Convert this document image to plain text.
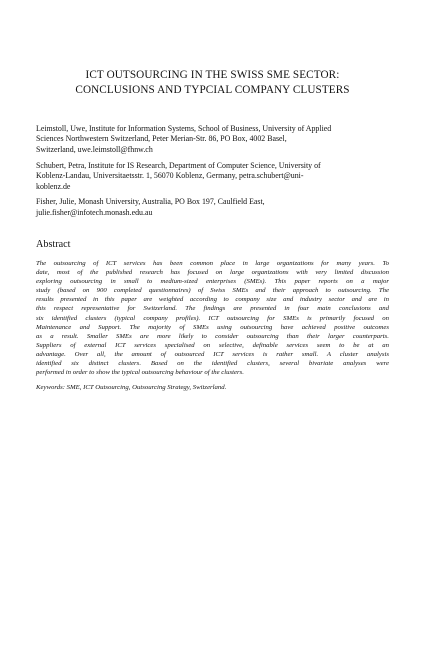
ICT OUTSOURCING IN THE SWISS SME SECTOR:
CONCLUSIONS AND TYPCIAL COMPANY CLUSTERS
Leimstoll, Uwe, Institute for Information Systems, School of Business, University of Applied
Sciences Northwestern Switzerland, Peter Merian-Str. 86, PO Box, 4002 Basel,
Switzerland, uwe.leimstoll@fhnw.ch
Schubert, Petra, Institute for IS Research, Department of Computer Science, University of
Koblenz-Landau, Universitaetsstr. 1, 56070 Koblenz, Germany, petra.schubert@uni-
koblenz.de
Fisher, Julie, Monash University, Australia, PO Box 197, Caulfield East,
julie.fisher@infotech.monash.edu.au
Abstract
The outsourcing of ICT services has been common place in large organizations for many years. To
date, most of the published research has focused on large organizations with very limited discussion
exploring outsourcing in small to medium-sized enterprises (SMEs). This paper reports on a major
study (based on 900 completed questionnaires) of Swiss SMEs and their approach to outsourcing. The
results presented in this paper are weighted according to company size and industry sector and are in
this respect representative for Switzerland. The findings are presented in four main conclusions and
six identified clusters (typical company profiles). ICT outsourcing for SMEs is primarily focused on
Maintenance and Support. The majority of SMEs using outsourcing have achieved positive outcomes
as a result. Smaller SMEs are more likely to consider outsourcing than their larger counterparts.
Suppliers of external ICT services specialised on selective, definable services seem to be at an
advantage. Over all, the amount of outsourced ICT services is rather small. A cluster analysis
identified six distinct clusters. Based on the identified clusters, several bivariate analyses were
performed in order to show the typical outsourcing behaviour of the clusters.
Keywords: SME, ICT Outsourcing, Outsourcing Strategy, Switzerland.
